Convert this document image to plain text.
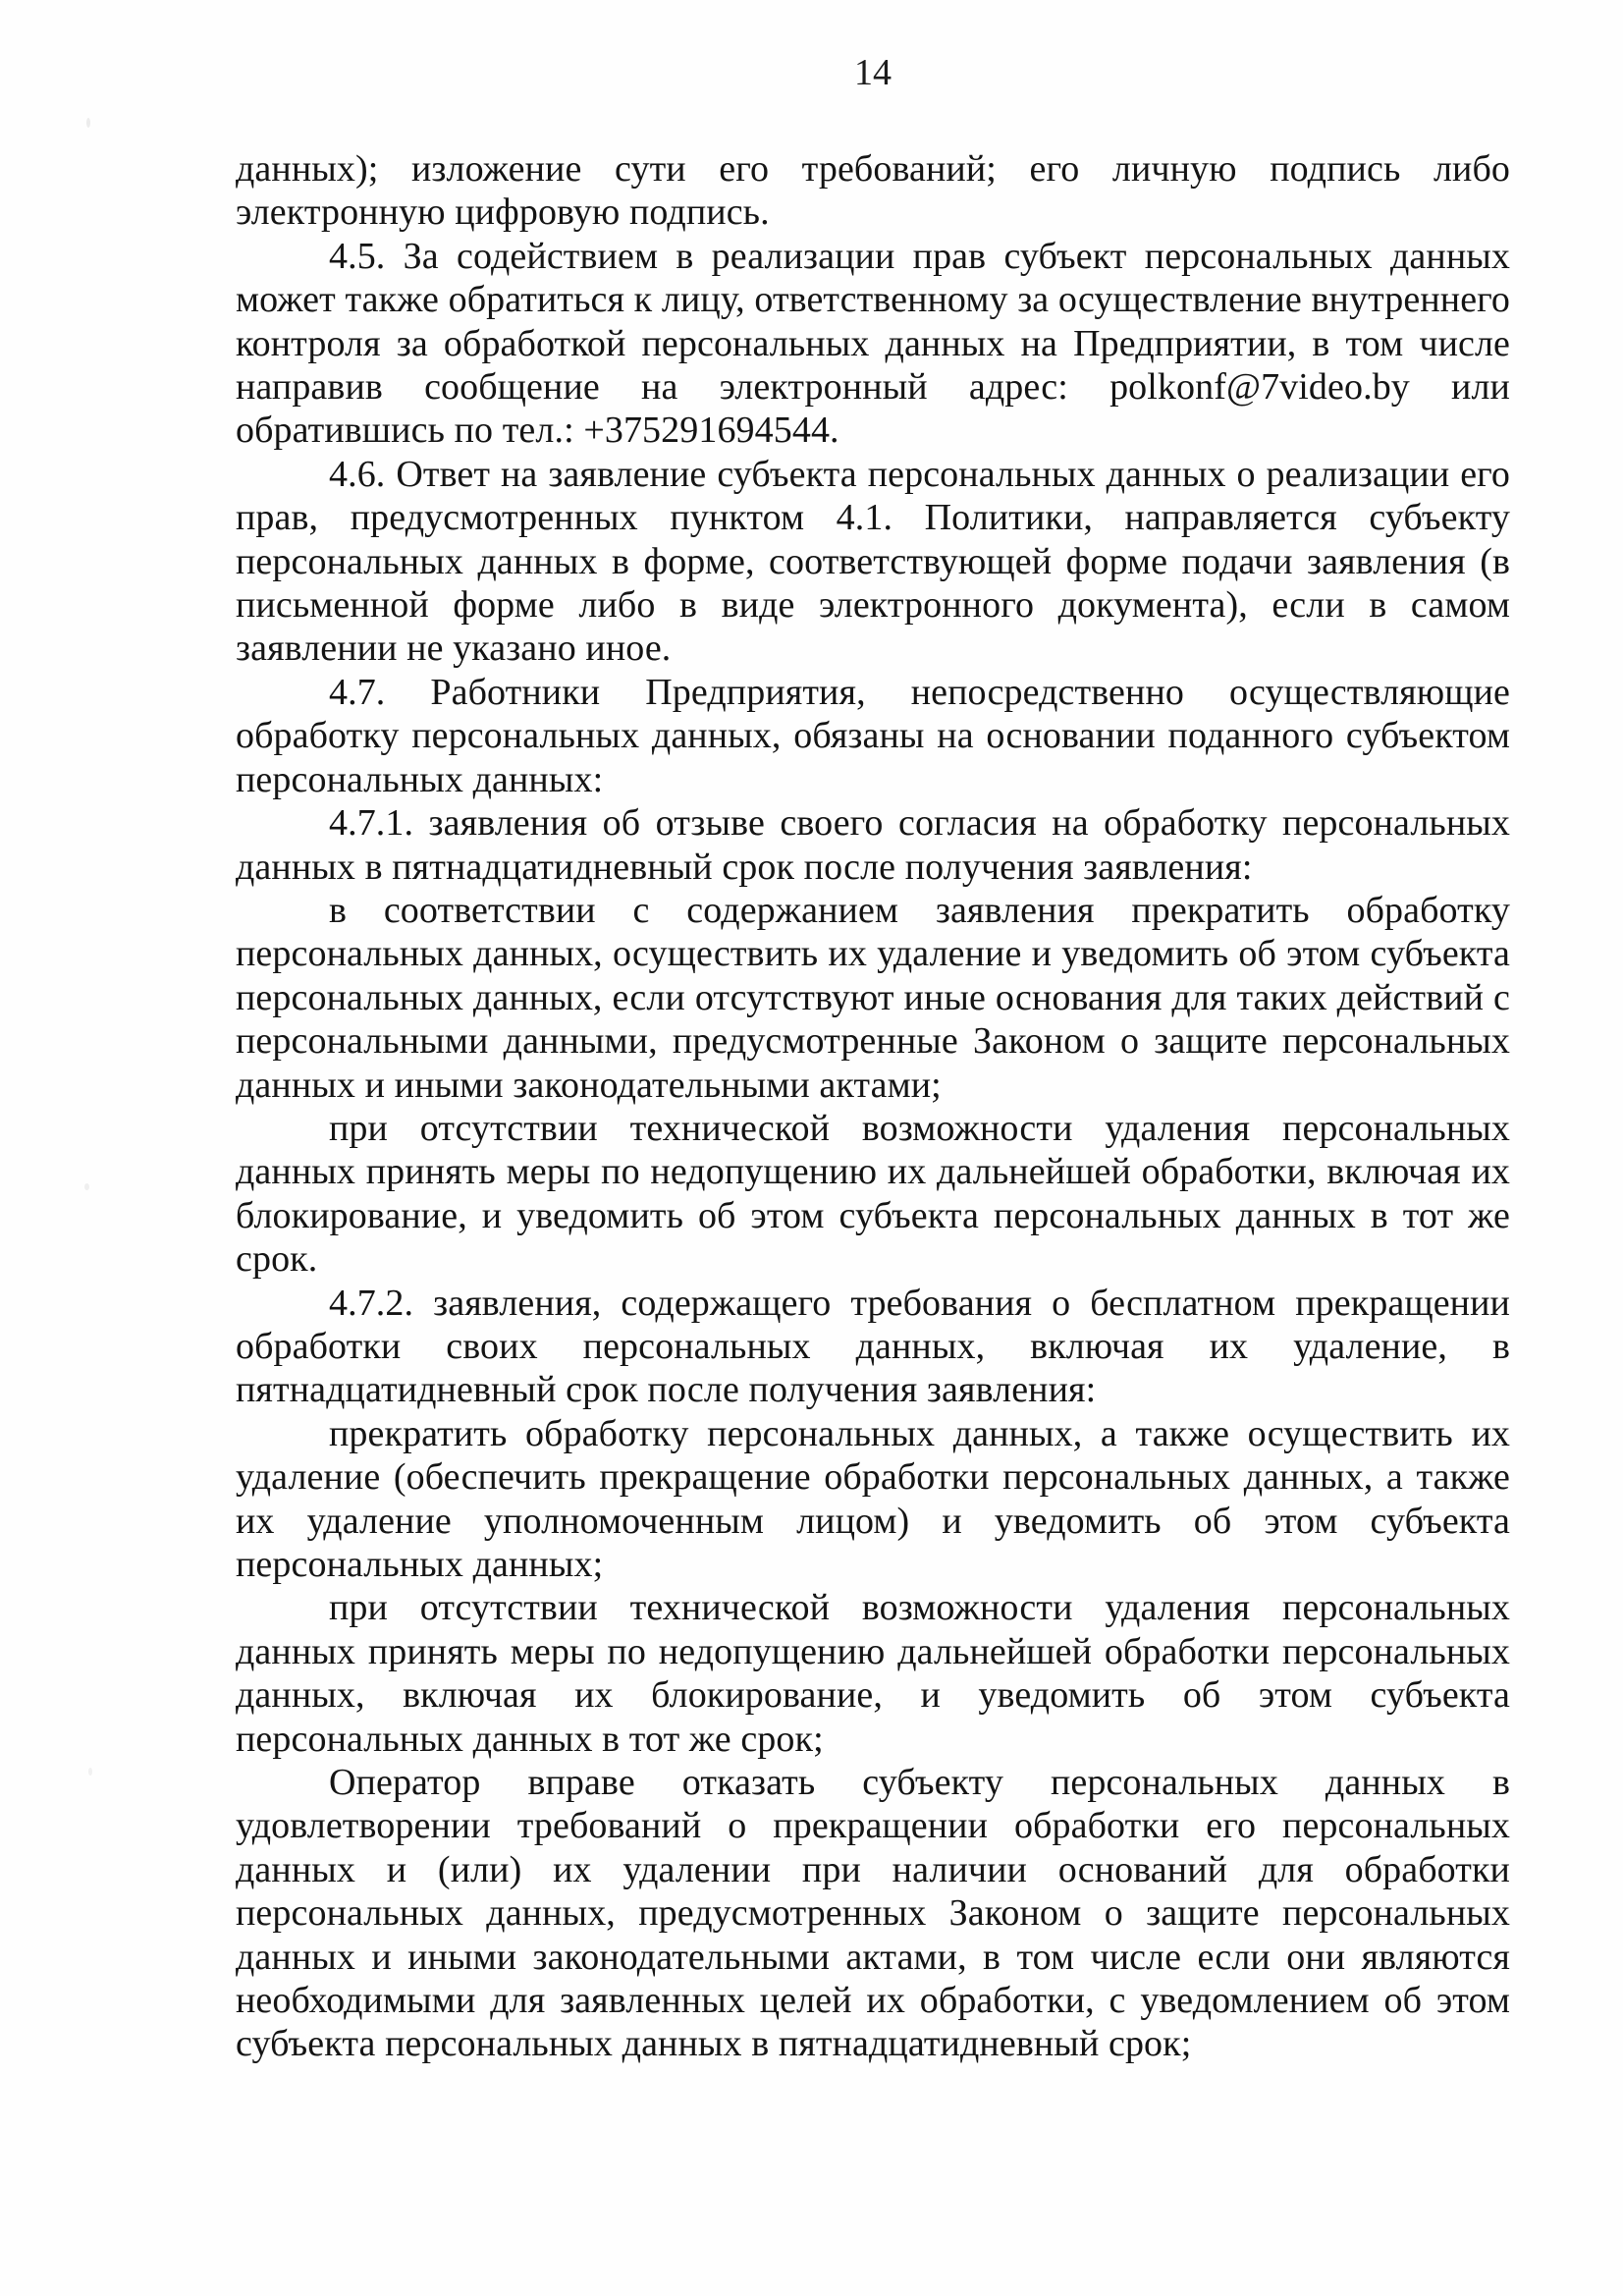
14

данных); изложение сути его требований; его личную подпись либо электронную цифровую подпись.

4.5. За содействием в реализации прав субъект персональных данных может также обратиться к лицу, ответственному за осуществление внутреннего контроля за обработкой персональных данных на Предприятии, в том числе направив сообщение на электронный адрес: polkonf@7video.by или обратившись по тел.: +375291694544.

4.6. Ответ на заявление субъекта персональных данных о реализации его прав, предусмотренных пунктом 4.1. Политики, направляется субъекту персональных данных в форме, соответствующей форме подачи заявления (в письменной форме либо в виде электронного документа), если в самом заявлении не указано иное.

4.7. Работники Предприятия, непосредственно осуществляющие обработку персональных данных, обязаны на основании поданного субъектом персональных данных:

4.7.1. заявления об отзыве своего согласия на обработку персональных данных в пятнадцатидневный срок после получения заявления:

в соответствии с содержанием заявления прекратить обработку персональных данных, осуществить их удаление и уведомить об этом субъекта персональных данных, если отсутствуют иные основания для таких действий с персональными данными, предусмотренные Законом о защите персональных данных и иными законодательными актами;

при отсутствии технической возможности удаления персональных данных принять меры по недопущению их дальнейшей обработки, включая их блокирование, и уведомить об этом субъекта персональных данных в тот же срок.

4.7.2. заявления, содержащего требования о бесплатном прекращении обработки своих персональных данных, включая их удаление, в пятнадцатидневный срок после получения заявления:

прекратить обработку персональных данных, а также осуществить их удаление (обеспечить прекращение обработки персональных данных, а также их удаление уполномоченным лицом) и уведомить об этом субъекта персональных данных;

при отсутствии технической возможности удаления персональных данных принять меры по недопущению дальнейшей обработки персональных данных, включая их блокирование, и уведомить об этом субъекта персональных данных в тот же срок;

Оператор вправе отказать субъекту персональных данных в удовлетворении требований о прекращении обработки его персональных данных и (или) их удалении при наличии оснований для обработки персональных данных, предусмотренных Законом о защите персональных данных и иными законодательными актами, в том числе если они являются необходимыми для заявленных целей их обработки, с уведомлением об этом субъекта персональных данных в пятнадцатидневный срок;
